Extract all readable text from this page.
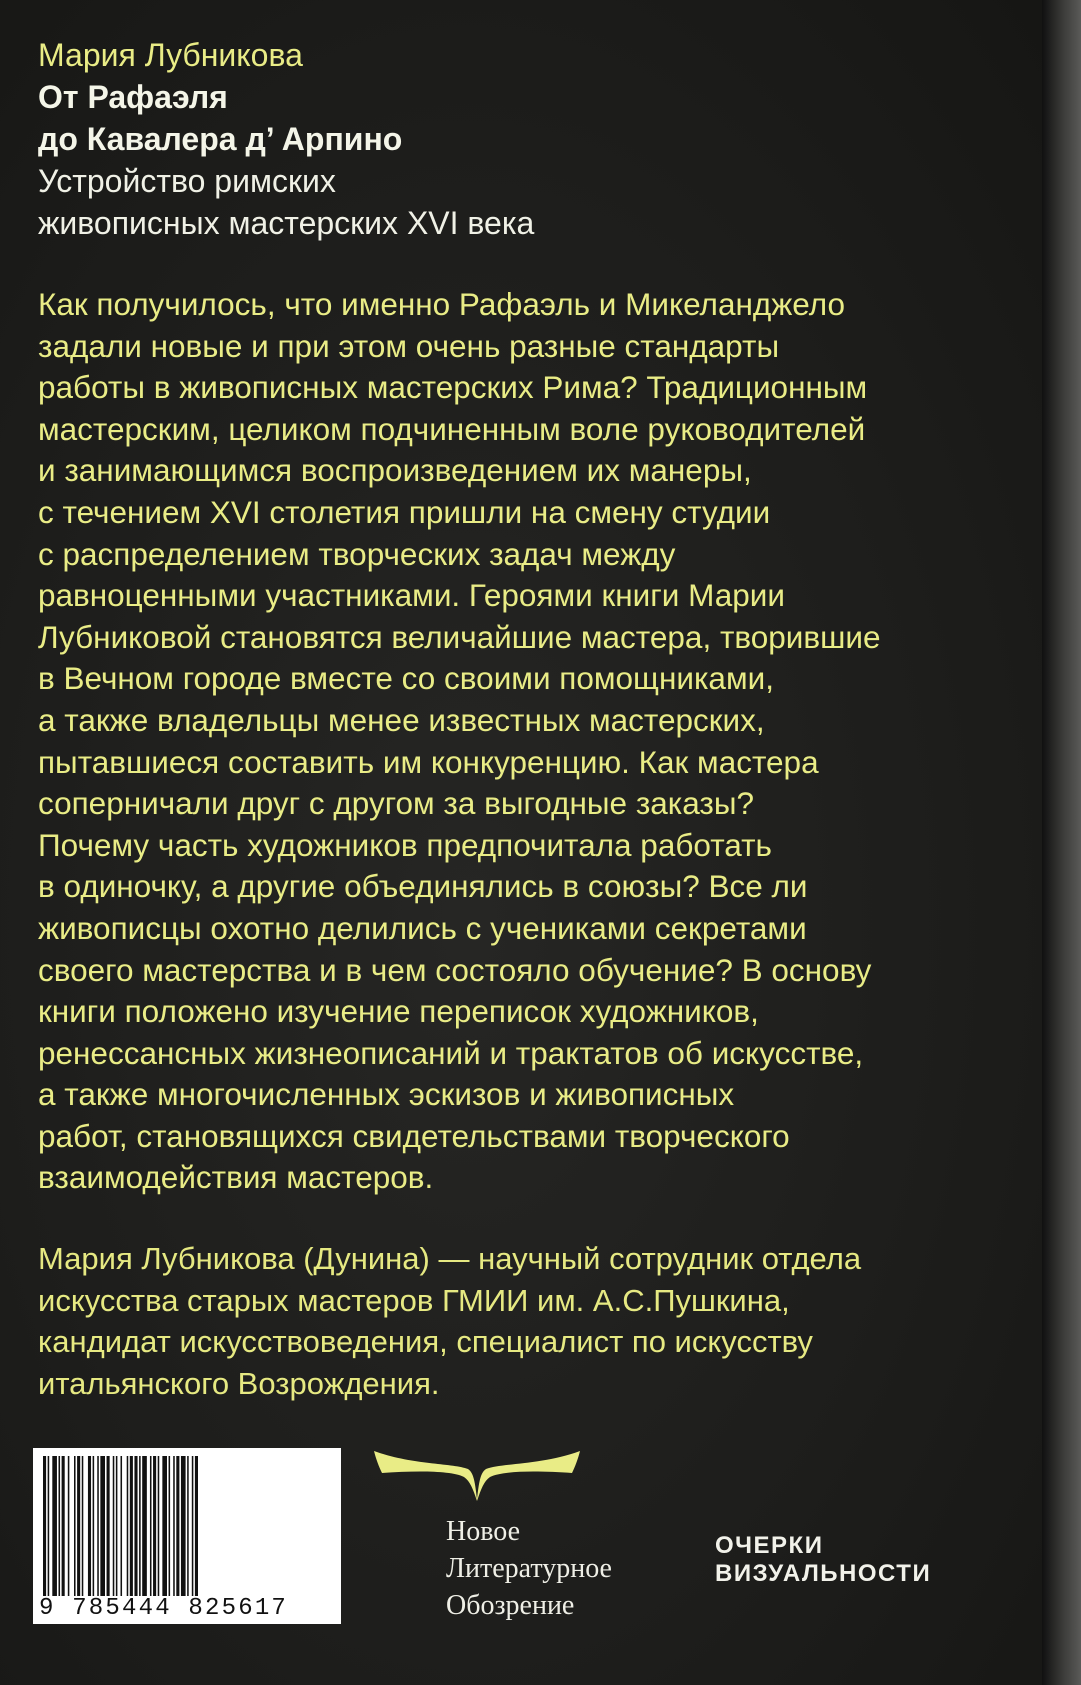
Мария Лубникова
От Рафаэля
до Кавалера д’ Арпино
Устройство римских
живописных мастерских XVI века
Как получилось, что именно Рафаэль и Микеланджело
задали новые и при этом очень разные стандарты
работы в живописных мастерских Рима? Традиционным
мастерским, целиком подчиненным воле руководителей
и занимающимся воспроизведением их манеры,
с течением XVI столетия пришли на смену студии
с распределением творческих задач между
равноценными участниками. Героями книги Марии
Лубниковой становятся величайшие мастера, творившие
в Вечном городе вместе со своими помощниками,
а также владельцы менее известных мастерских,
пытавшиеся составить им конкуренцию. Как мастера
соперничали друг с другом за выгодные заказы?
Почему часть художников предпочитала работать
в одиночку, а другие объединялись в союзы? Все ли
живописцы охотно делились с учениками секретами
своего мастерства и в чем состояло обучение? В основу
книги положено изучение переписок художников,
ренессансных жизнеописаний и трактатов об искусстве,
а также многочисленных эскизов и живописных
работ, становящихся свидетельствами творческого
взаимодействия мастеров.
Мария Лубникова (Дунина) — научный сотрудник отдела
искусства старых мастеров ГМИИ им. А.С.Пушкина,
кандидат искусствоведения, специалист по искусству
итальянского Возрождения.
9 785444 825617
Новое
Литературное
Обозрение
ОЧЕРКИ
ВИЗУАЛЬНОСТИ
